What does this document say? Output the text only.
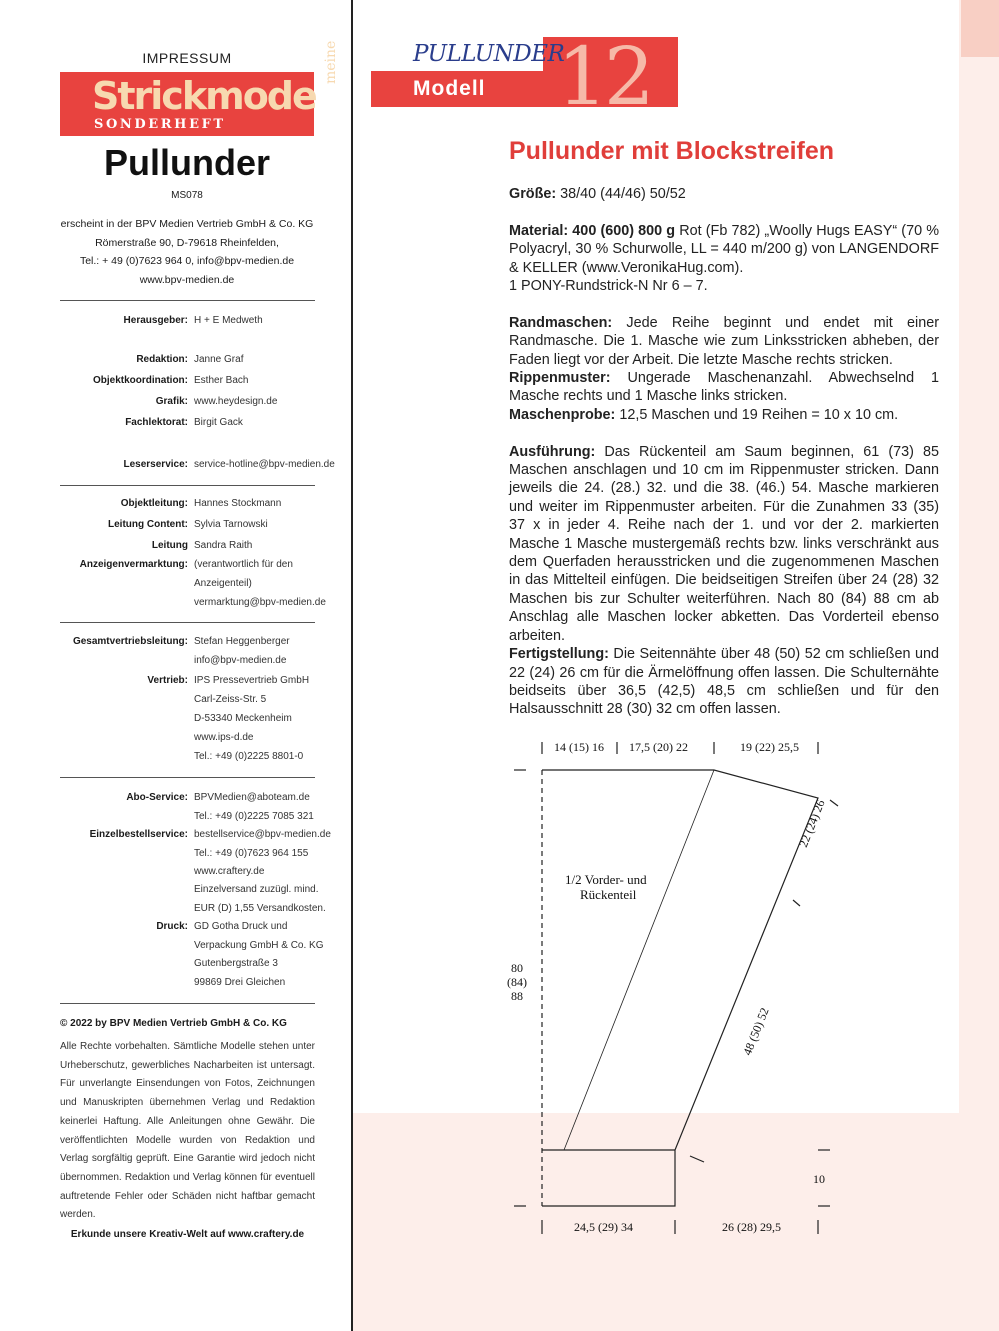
IMPRESSUM
Strickmode
meine
SONDERHEFT
Pullunder
MS078
erscheint in der BPV Medien Vertrieb GmbH & Co. KG
Römerstraße 90, D-79618 Rheinfelden,
Tel.: + 49 (0)7623 964 0, info@bpv-medien.de
www.bpv-medien.de
Herausgeber: H + E Medweth
Redaktion: Janne Graf
Objektkoordination: Esther Bach
Grafik: www.heydesign.de
Fachlektorat: Birgit Gack
Leserservice: service-hotline@bpv-medien.de
Objektleitung: Hannes Stockmann
Leitung Content: Sylvia Tarnowski
Leitung Anzeigenvermarktung:
Sandra Raith
(verantwortlich für den
Anzeigenteil)
vermarktung@bpv-medien.de
Gesamtvertriebsleitung: Stefan Heggenberger
info@bpv-medien.de
Vertrieb: IPS Pressevertrieb GmbH
Carl-Zeiss-Str. 5
D-53340 Meckenheim
www.ips-d.de
Tel.: +49 (0)2225 8801-0
Abo-Service: BPVMedien@aboteam.de
Tel.: +49 (0)2225 7085 321
Einzelbestellservice: bestellservice@bpv-medien.de
Tel.: +49 (0)7623 964 155
www.craftery.de
Einzelversand zuzügl. mind.
EUR (D) 1,55 Versandkosten.
Druck: GD Gotha Druck und
Verpackung GmbH & Co. KG
Gutenbergstraße 3
99869 Drei Gleichen
© 2022 by BPV Medien Vertrieb GmbH & Co. KG
Alle Rechte vorbehalten. Sämtliche Modelle stehen unter Urheberschutz, gewerbliches Nacharbeiten ist untersagt. Für unverlangte Einsendungen von Fotos, Zeichnungen und Manuskripten übernehmen Verlag und Redaktion keinerlei Haftung. Alle Anleitungen ohne Gewähr. Die veröffentlichten Modelle wurden von Redaktion und Verlag sorgfältig geprüft. Eine Garantie wird jedoch nicht übernommen. Redaktion und Verlag können für eventuell auftretende Fehler oder Schäden nicht haftbar gemacht werden.
Erkunde unsere Kreativ-Welt auf www.craftery.de
PULLUNDER
Modell 12
Pullunder mit Blockstreifen

Größe: 38/40 (44/46) 50/52

Material: 400 (600) 800 g Rot (Fb 782) „Woolly Hugs EASY“ (70 % Polyacryl, 30 % Schurwolle, LL = 440 m/200 g) von LANGENDORF & KELLER (www.VeronikaHug.com).

1 PONY-Rundstrick-N Nr 6 – 7.

Randmaschen: Jede Reihe beginnt und endet mit einer Randmasche. Die 1. Masche wie zum Linksstricken abheben, der Faden liegt vor der Arbeit. Die letzte Masche rechts stricken.

Rippenmuster: Ungerade Maschenanzahl. Abwechselnd 1 Masche rechts und 1 Masche links stricken.

Maschenprobe: 12,5 Maschen und 19 Reihen = 10 x 10 cm.

Ausführung: Das Rückenteil am Saum beginnen, 61 (73) 85 Maschen anschlagen und 10 cm im Rippenmuster stricken. Dann jeweils die 24. (28.) 32. und die 38. (46.) 54. Masche markieren und weiter im Rippenmuster arbeiten. Für die Zunahmen 33 (35) 37 x in jeder 4. Reihe nach der 1. und vor der 2. markierten Masche 1 Masche mustergemäß rechts bzw. links verschränkt aus dem Querfaden herausstricken und die zugenommenen Maschen in das Mittelteil einfügen. Die beidseitigen Streifen über 24 (28) 32 Maschen bis zur Schulter weiterführen. Nach 80 (84) 88 cm ab Anschlag alle Maschen locker abketten. Das Vorderteil ebenso arbeiten.

Fertigstellung: Die Seitennähte über 48 (50) 52 cm schließen und 22 (24) 26 cm für die Ärmelöffnung offen lassen. Die Schulternähte beidseits über 36,5 (42,5) 48,5 cm schließen und für den Halsausschnitt 28 (30) 32 cm offen lassen.

14 (15) 16 17,5 (20) 22	19 (22) 25,5
1/2 Vorder- und
Rückenteil
80
(84)
88
22 (24) 26
48 (50) 52
10
24,5 (29) 34	26 (28) 29,5
